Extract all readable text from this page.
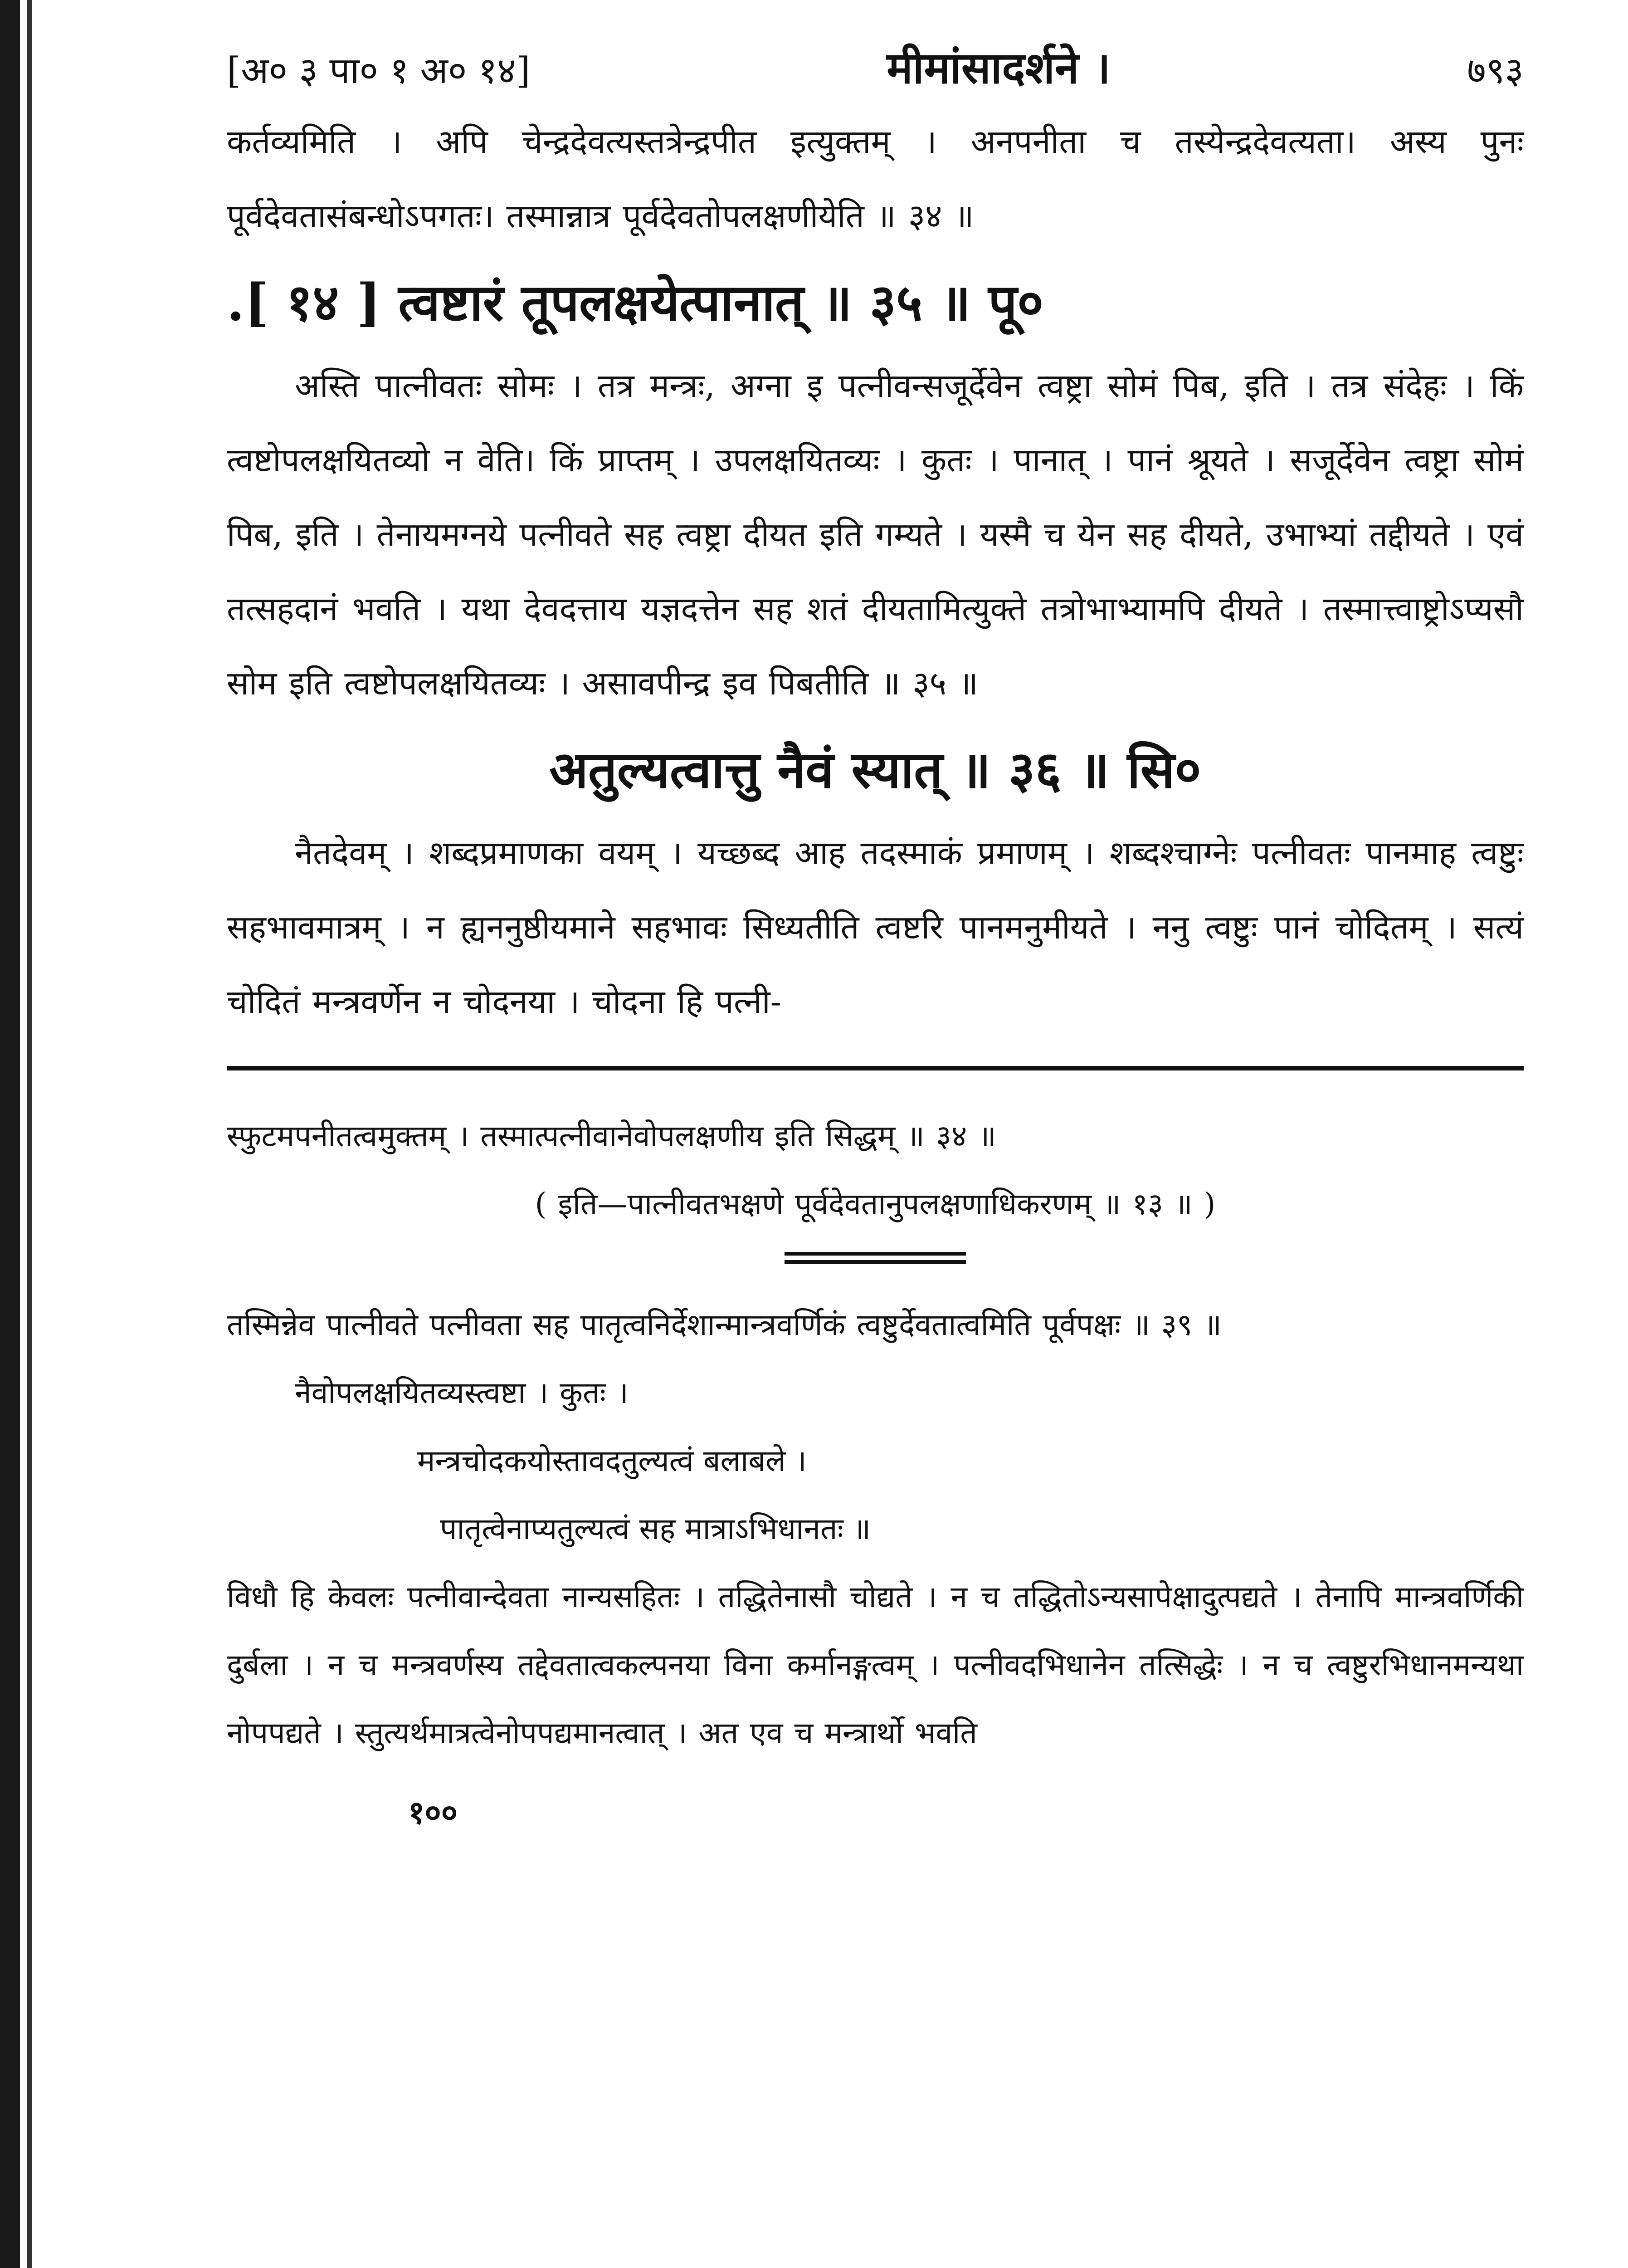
[अ० ३ पा० १ अ० १४]	मीमांसादर्शने ।	७९३

कर्तव्यमिति । अपि चेन्द्रदेवत्यस्तत्रेन्द्रपीत इत्युक्तम् । अनपनीता च तस्येन्द्रदेवत्यता। अस्य पुनः पूर्वदेवतासंबन्धोऽपगतः। तस्मान्नात्र पूर्वदेवतोपलक्षणीयेति ॥ ३४ ॥

.[ १४ ] त्वष्टारं तूपलक्षयेत्पानात् ॥ ३५ ॥ पू०

अस्ति पात्नीवतः सोमः । तत्र मन्त्रः, अग्ना इ पत्नीवन्सजूर्देवेन त्वष्ट्रा सोमं पिब, इति । तत्र संदेहः । किं त्वष्टोपलक्षयितव्यो न वेति। किं प्राप्तम् । उपलक्षयितव्यः । कुतः । पानात् । पानं श्रूयते । सजूर्देवेन त्वष्ट्रा सोमं पिब, इति । तेनायमग्नये पत्नीवते सह त्वष्ट्रा दीयत इति गम्यते । यस्मै च येन सह दीयते, उभाभ्यां तद्दीयते । एवं तत्सहदानं भवति । यथा देवदत्ताय यज्ञदत्तेन सह शतं दीयतामित्युक्ते तत्रोभाभ्यामपि दीयते । तस्मात्त्वाष्ट्रोऽप्यसौ सोम इति त्वष्टोपलक्षयितव्यः । असावपीन्द्र इव पिबतीति ॥ ३५ ॥

अतुल्यत्वात्तु नैवं स्यात् ॥ ३६ ॥ सि०

नैतदेवम् । शब्दप्रमाणका वयम् । यच्छब्द आह तदस्माकं प्रमाणम् । शब्दश्चाग्नेः पत्नीवतः पानमाह त्वष्टुः सहभावमात्रम् । न ह्यननुष्ठीयमाने सहभावः सिध्यतीति त्वष्टरि पानमनुमीयते । ननु त्वष्टुः पानं चोदितम् । सत्यं चोदितं मन्त्रवर्णेन न चोदनया । चोदना हि पत्नी-

स्फुटमपनीतत्वमुक्तम् । तस्मात्पत्नीवानेवोपलक्षणीय इति सिद्धम् ॥ ३४ ॥

( इति—पात्नीवतभक्षणे पूर्वदेवतानुपलक्षणाधिकरणम् ॥ १३ ॥ )

तस्मिन्नेव पात्नीवते पत्नीवता सह पातृत्वनिर्देशान्मान्त्रवर्णिकं त्वष्टुर्देवतात्वमिति पूर्वपक्षः ॥ ३९ ॥

नैवोपलक्षयितव्यस्त्वष्टा । कुतः ।

मन्त्रचोदकयोस्तावदतुल्यत्वं बलाबले ।

पातृत्वेनाप्यतुल्यत्वं सह मात्राऽभिधानतः ॥

विधौ हि केवलः पत्नीवान्देवता नान्यसहितः । तद्धितेनासौ चोद्यते । न च तद्धितोऽन्यसापेक्षादुत्पद्यते । तेनापि मान्त्रवर्णिकी दुर्बला । न च मन्त्रवर्णस्य तद्देवतात्वकल्पनया विना कर्मानङ्गत्वम् । पत्नीवदभिधानेन तत्सिद्धेः । न च त्वष्टुरभिधानमन्यथा नोपपद्यते । स्तुत्यर्थमात्रत्वेनोपपद्यमानत्वात् । अत एव च मन्त्रार्थो भवति

१००
